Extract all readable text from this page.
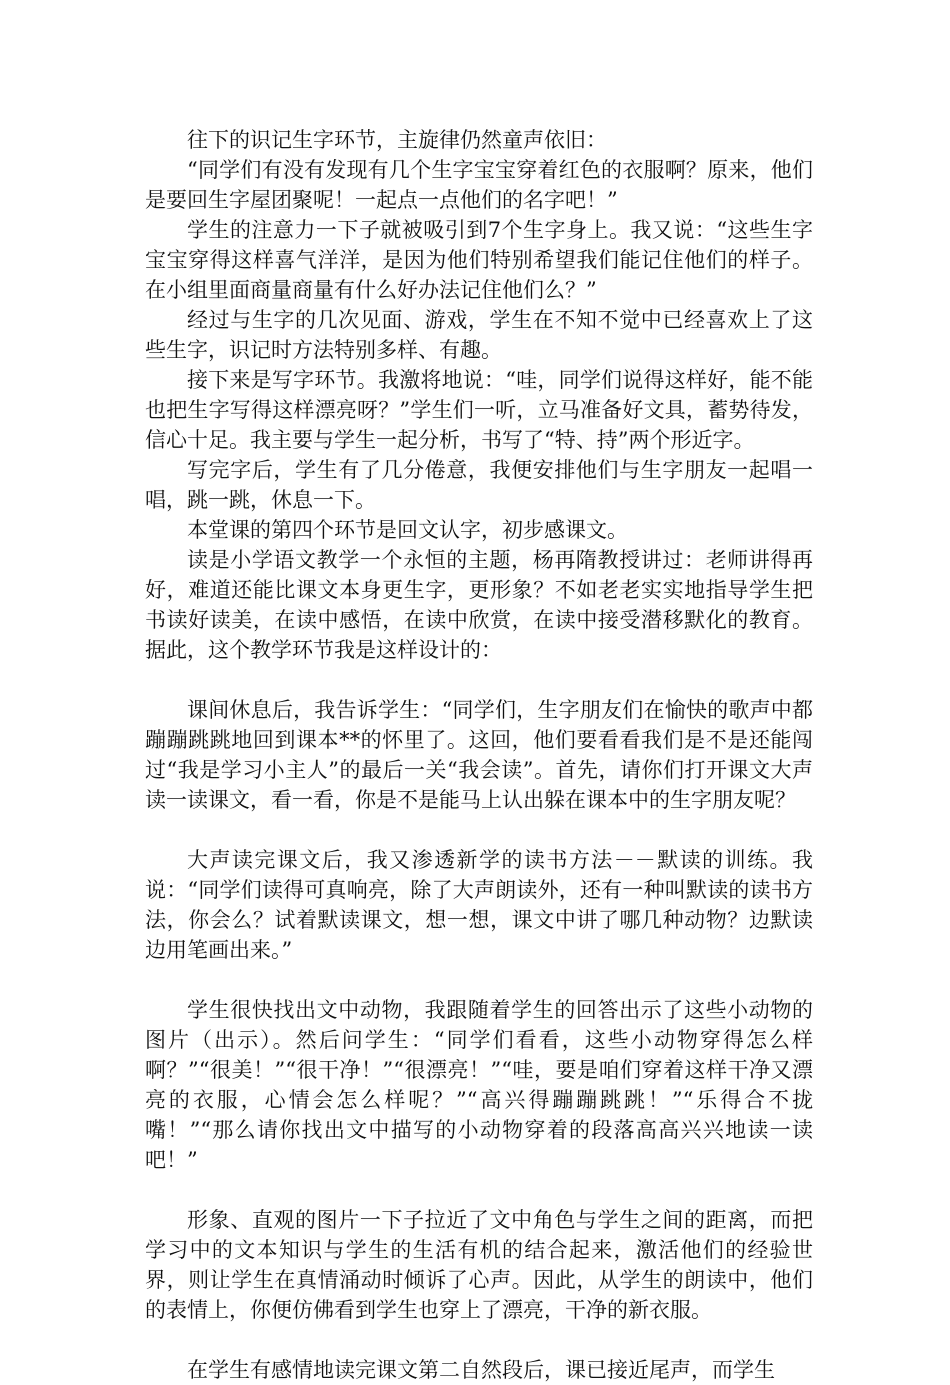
往下的识记生字环节，主旋律仍然童声依旧：

“同学们有没有发现有几个生字宝宝穿着红色的衣服啊？原来，他们是要回生字屋团聚呢！一起点一点他们的名字吧！”

学生的注意力一下子就被吸引到7个生字身上。我又说：“这些生字宝宝穿得这样喜气洋洋，是因为他们特别希望我们能记住他们的样子。在小组里面商量商量有什么好办法记住他们么？”

经过与生字的几次见面、游戏，学生在不知不觉中已经喜欢上了这些生字，识记时方法特别多样、有趣。

接下来是写字环节。我激将地说：“哇，同学们说得这样好，能不能也把生字写得这样漂亮呀？”学生们一听，立马准备好文具，蓄势待发，信心十足。我主要与学生一起分析，书写了“特、持”两个形近字。

写完字后，学生有了几分倦意，我便安排他们与生字朋友一起唱一唱，跳一跳，休息一下。

本堂课的第四个环节是回文认字，初步感课文。

读是小学语文教学一个永恒的主题，杨再隋教授讲过：老师讲得再好，难道还能比课文本身更生字，更形象？不如老老实实地指导学生把书读好读美，在读中感悟，在读中欣赏，在读中接受潜移默化的教育。据此，这个教学环节我是这样设计的：

课间休息后，我告诉学生：“同学们，生字朋友们在愉快的歌声中都蹦蹦跳跳地回到课本**的怀里了。这回，他们要看看我们是不是还能闯过“我是学习小主人”的最后一关“我会读”。首先，请你们打开课文大声读一读课文，看一看，你是不是能马上认出躲在课本中的生字朋友呢？

大声读完课文后，我又渗透新学的读书方法－－默读的训练。我说：“同学们读得可真响亮，除了大声朗读外，还有一种叫默读的读书方法，你会么？试着默读课文，想一想，课文中讲了哪几种动物？边默读边用笔画出来。”

学生很快找出文中动物，我跟随着学生的回答出示了这些小动物的图片（出示）。然后问学生：“同学们看看，这些小动物穿得怎么样啊？”“很美！”“很干净！”“很漂亮！”“哇，要是咱们穿着这样干净又漂亮的衣服，心情会怎么样呢？”“高兴得蹦蹦跳跳！”“乐得合不拢嘴！”“那么请你找出文中描写的小动物穿着的段落高高兴兴地读一读吧！”

形象、直观的图片一下子拉近了文中角色与学生之间的距离，而把学习中的文本知识与学生的生活有机的结合起来，激活他们的经验世界，则让学生在真情涌动时倾诉了心声。因此，从学生的朗读中，他们的表情上，你便仿佛看到学生也穿上了漂亮，干净的新衣服。

在学生有感情地读完课文第二自然段后，课已接近尾声，而学生
